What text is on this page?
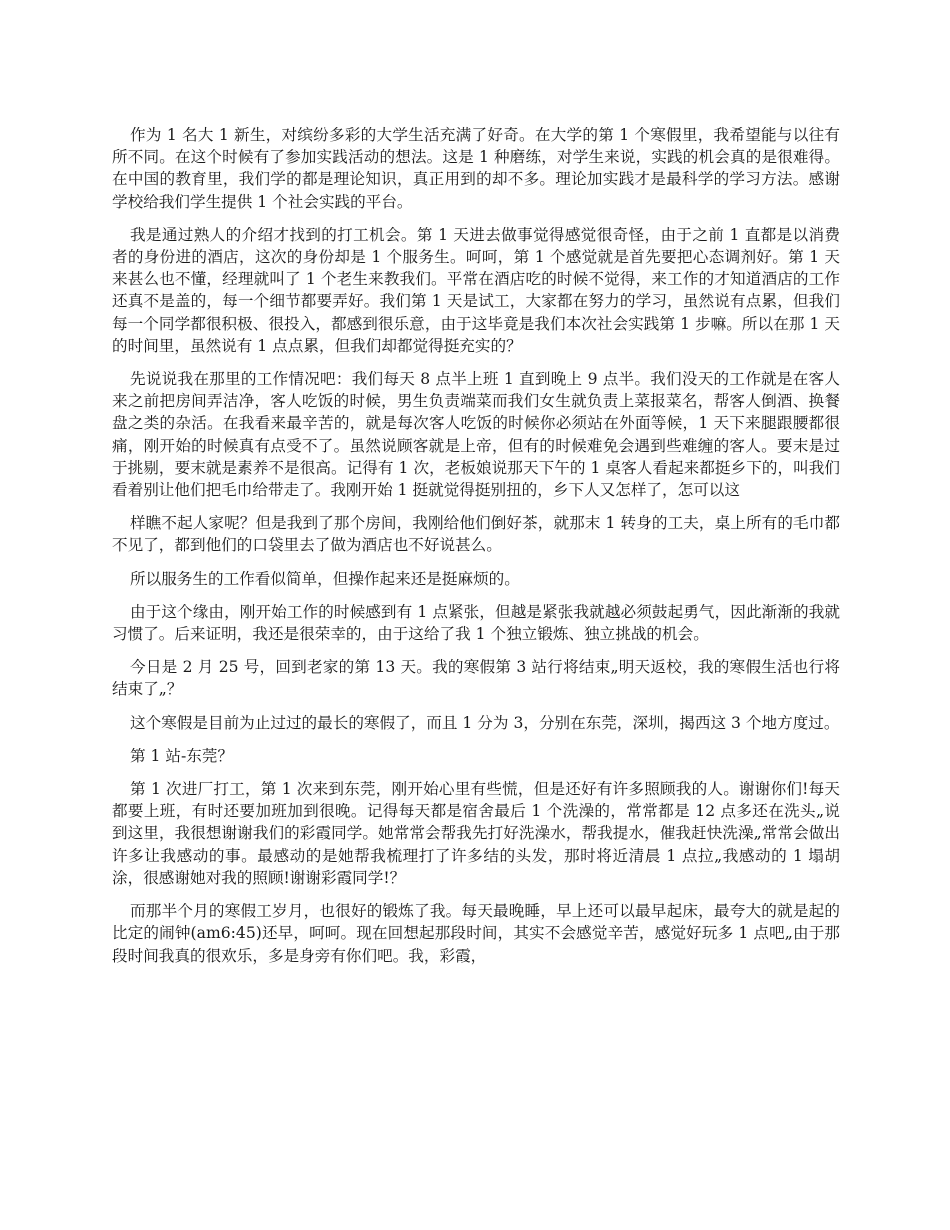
作为 1 名大 1 新生，对缤纷多彩的大学生活充满了好奇。在大学的第 1 个寒假里，我希望能与以往有所不同。在这个时候有了参加实践活动的想法。这是 1 种磨练，对学生来说，实践的机会真的是很难得。在中国的教育里，我们学的都是理论知识，真正用到的却不多。理论加实践才是最科学的学习方法。感谢学校给我们学生提供 1 个社会实践的平台。

我是通过熟人的介绍才找到的打工机会。第 1 天进去做事觉得感觉很奇怪，由于之前 1 直都是以消费者的身份进的酒店，这次的身份却是 1 个服务生。呵呵，第 1 个感觉就是首先要把心态调剂好。第 1 天来甚么也不懂，经理就叫了 1 个老生来教我们。平常在酒店吃的时候不觉得，来工作的才知道酒店的工作还真不是盖的，每一个细节都要弄好。我们第 1 天是试工，大家都在努力的学习，虽然说有点累，但我们每一个同学都很积极、很投入，都感到很乐意，由于这毕竟是我们本次社会实践第 1 步嘛。所以在那 1 天的时间里，虽然说有 1 点点累，但我们却都觉得挺充实的？

先说说我在那里的工作情况吧：我们每天 8 点半上班 1 直到晚上 9 点半。我们没天的工作就是在客人来之前把房间弄洁净，客人吃饭的时候，男生负责端菜而我们女生就负责上菜报菜名，帮客人倒酒、换餐盘之类的杂活。在我看来最辛苦的，就是每次客人吃饭的时候你必须站在外面等候，1 天下来腿跟腰都很痛，刚开始的时候真有点受不了。虽然说顾客就是上帝，但有的时候难免会遇到些难缠的客人。要末是过于挑剔，要末就是素养不是很高。记得有 1 次，老板娘说那天下午的 1 桌客人看起来都挺乡下的，叫我们看着别让他们把毛巾给带走了。我刚开始 1 挺就觉得挺别扭的，乡下人又怎样了，怎可以这

样瞧不起人家呢？但是我到了那个房间，我刚给他们倒好茶，就那末 1 转身的工夫，桌上所有的毛巾都不见了，都到他们的口袋里去了做为酒店也不好说甚么。

所以服务生的工作看似简单，但操作起来还是挺麻烦的。

由于这个缘由，刚开始工作的时候感到有 1 点紧张，但越是紧张我就越必须鼓起勇气，因此渐渐的我就习惯了。后来证明，我还是很荣幸的，由于这给了我 1 个独立锻炼、独立挑战的机会。

今日是 2 月 25 号，回到老家的第 13 天。我的寒假第 3 站行将结束„明天返校，我的寒假生活也行将结束了„？

这个寒假是目前为止过过的最长的寒假了，而且 1 分为 3，分别在东莞，深圳，揭西这 3 个地方度过。

第 1 站-东莞？

第 1 次进厂打工，第 1 次来到东莞，刚开始心里有些慌，但是还好有许多照顾我的人。谢谢你们!每天都要上班，有时还要加班加到很晚。记得每天都是宿舍最后 1 个洗澡的，常常都是 12 点多还在洗头„说到这里，我很想谢谢我们的彩霞同学。她常常会帮我先打好洗澡水，帮我提水，催我赶快洗澡„常常会做出许多让我感动的事。最感动的是她帮我梳理打了许多结的头发，那时将近清晨 1 点拉„我感动的 1 塌胡涂，很感谢她对我的照顾!谢谢彩霞同学!？

而那半个月的寒假工岁月，也很好的锻炼了我。每天最晚睡，早上还可以最早起床，最夸大的就是起的比定的闹钟(am6:45)还早，呵呵。现在回想起那段时间，其实不会感觉辛苦，感觉好玩多 1 点吧„由于那段时间我真的很欢乐，多是身旁有你们吧。我，彩霞，
